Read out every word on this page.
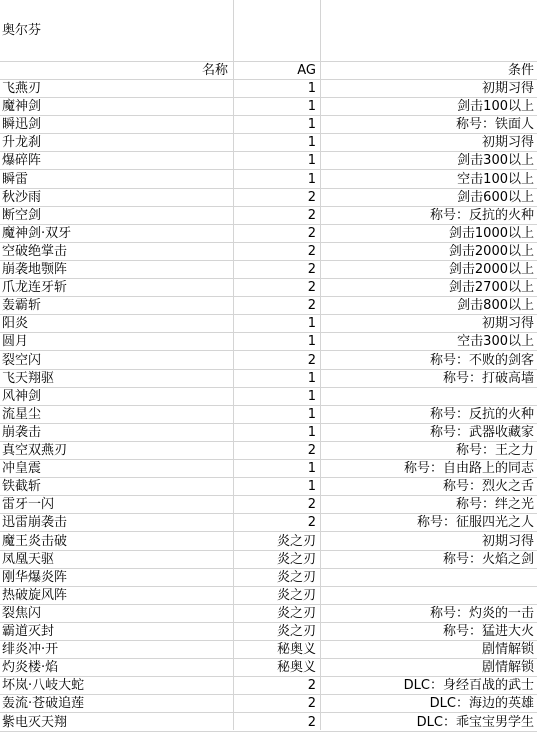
奥尔芬
名称	AG	条件
飞燕刃	1	初期习得
魔神剑	1	剑击100以上
瞬迅剑	1	称号：铁面人
升龙刹	1	初期习得
爆碎阵	1	剑击300以上
瞬雷	1	空击100以上
秋沙雨	2	剑击600以上
断空剑	2	称号：反抗的火种
魔神剑·双牙	2	剑击1000以上
空破绝掌击	2	剑击2000以上
崩袭地颚阵	2	剑击2000以上
爪龙连牙斩	2	剑击2700以上
轰霸斩	2	剑击800以上
阳炎	1	初期习得
圆月	1	空击300以上
裂空闪	2	称号：不败的剑客
飞天翔驱	1	称号：打破高墙
风神剑	1
流星尘	1	称号：反抗的火种
崩袭击	1	称号：武器收藏家
真空双燕刃	2	称号：王之力
冲皇震	1	称号：自由路上的同志
铁截斩	1	称号：烈火之舌
雷牙一闪	2	称号：绊之光
迅雷崩袭击	2	称号：征服四光之人
魔王炎击破	炎之刃	初期习得
凤凰天驱	炎之刃	称号：火焰之剑
刚华爆炎阵	炎之刃
热破旋风阵	炎之刃
裂焦闪	炎之刃	称号：灼炎的一击
霸道灭封	炎之刃	称号：猛进大火
绯炎冲·开	秘奥义	剧情解锁
灼炎楼·焰	秘奥义	剧情解锁
坏岚·八岐大蛇	2	DLC：身经百战的武士
轰流·苍破追莲	2	DLC：海边的英雄
紫电灭天翔	2	DLC：乖宝宝男学生
